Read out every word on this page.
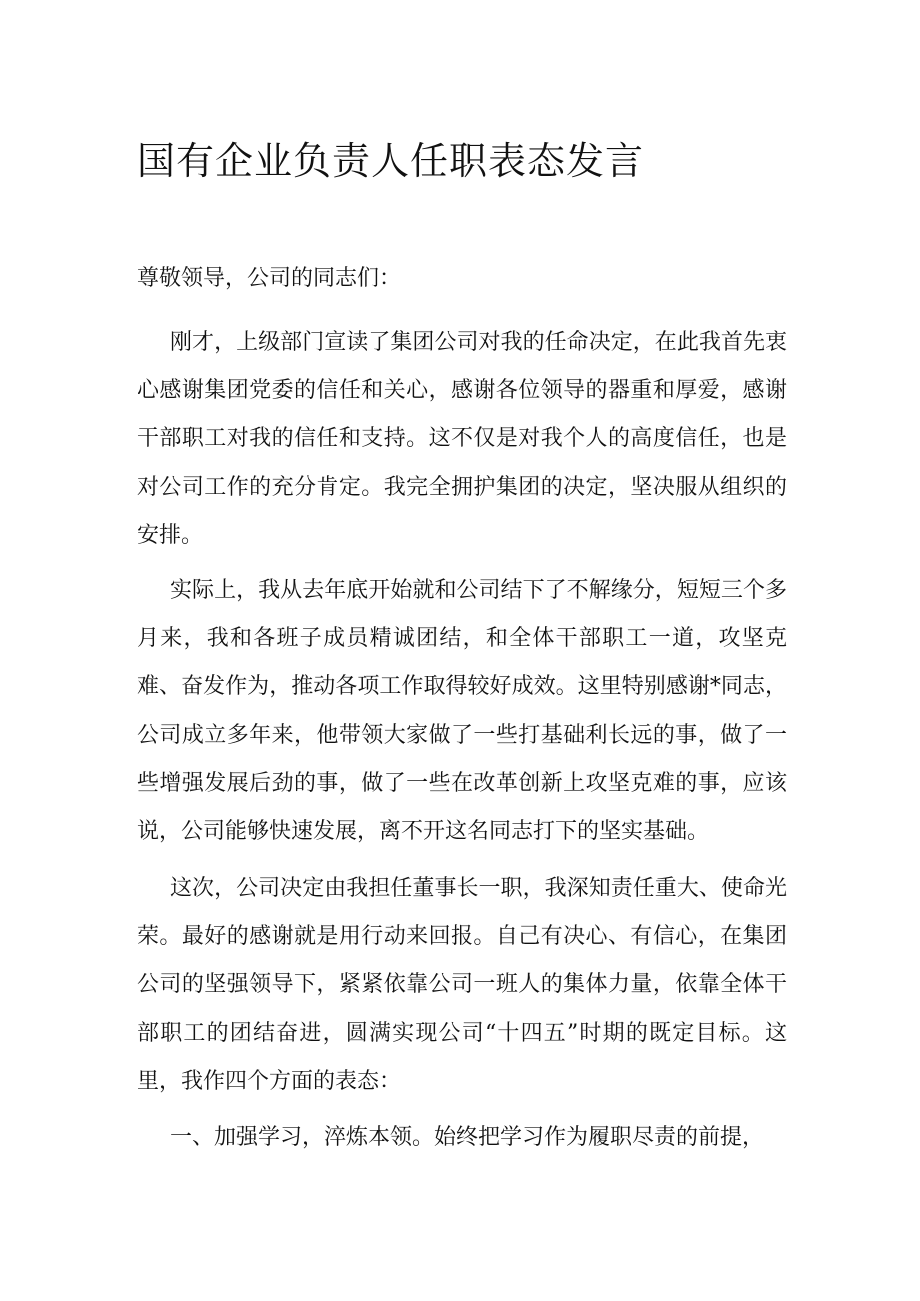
国有企业负责人任职表态发言

尊敬领导，公司的同志们：

刚才，上级部门宣读了集团公司对我的任命决定，在此我首先衷心感谢集团党委的信任和关心，感谢各位领导的器重和厚爱，感谢干部职工对我的信任和支持。这不仅是对我个人的高度信任，也是对公司工作的充分肯定。我完全拥护集团的决定，坚决服从组织的安排。

实际上，我从去年底开始就和公司结下了不解缘分，短短三个多月来，我和各班子成员精诚团结，和全体干部职工一道，攻坚克难、奋发作为，推动各项工作取得较好成效。这里特别感谢*同志，公司成立多年来，他带领大家做了一些打基础利长远的事，做了一些增强发展后劲的事，做了一些在改革创新上攻坚克难的事，应该说，公司能够快速发展，离不开这名同志打下的坚实基础。

这次，公司决定由我担任董事长一职，我深知责任重大、使命光荣。最好的感谢就是用行动来回报。自己有决心、有信心，在集团公司的坚强领导下，紧紧依靠公司一班人的集体力量，依靠全体干部职工的团结奋进，圆满实现公司“十四五”时期的既定目标。这里，我作四个方面的表态：

一、加强学习，淬炼本领。始终把学习作为履职尽责的前提，
